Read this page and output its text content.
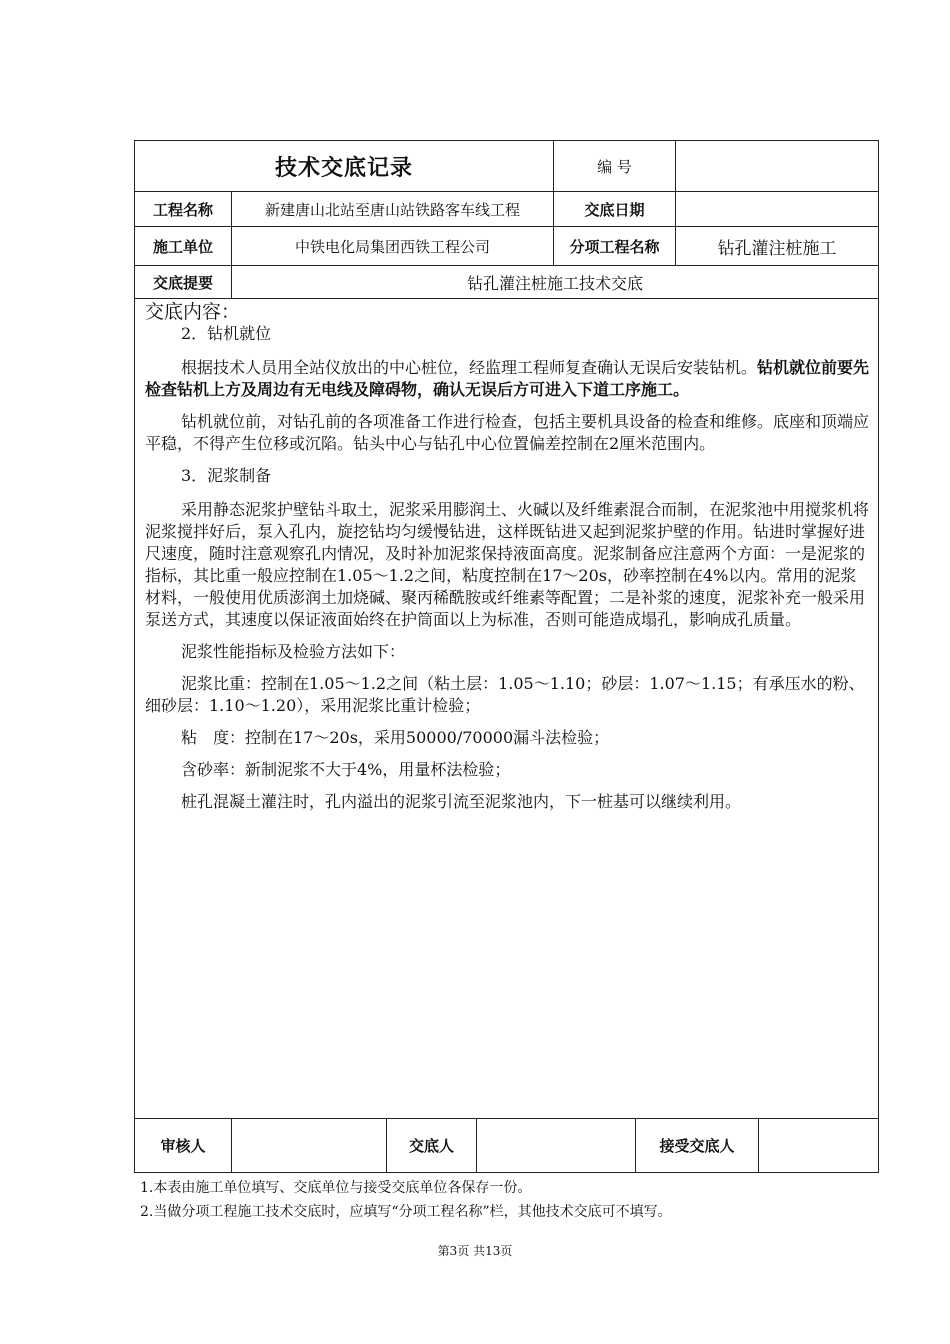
技术交底记录	编 号
工程名称	新建唐山北站至唐山站铁路客车线工程	交底日期
施工单位	中铁电化局集团西铁工程公司	分项工程名称	钻孔灌注桩施工
交底提要	钻孔灌注桩施工技术交底
交底内容：

2．钻机就位

根据技术人员用全站仪放出的中心桩位，经监理工程师复查确认无误后安装钻机。钻机就位前要先检查钻机上方及周边有无电线及障碍物，确认无误后方可进入下道工序施工。

钻机就位前，对钻孔前的各项准备工作进行检查，包括主要机具设备的检查和维修。底座和顶端应平稳，不得产生位移或沉陷。钻头中心与钻孔中心位置偏差控制在2厘米范围内。

3．泥浆制备

采用静态泥浆护壁钻斗取土，泥浆采用膨润土、火碱以及纤维素混合而制，在泥浆池中用搅浆机将泥浆搅拌好后，泵入孔内，旋挖钻均匀缓慢钻进，这样既钻进又起到泥浆护壁的作用。钻进时掌握好进尺速度，随时注意观察孔内情况，及时补加泥浆保持液面高度。泥浆制备应注意两个方面：一是泥浆的指标，其比重一般应控制在1.05～1.2之间，粘度控制在17～20s，砂率控制在4%以内。常用的泥浆材料，一般使用优质澎润土加烧碱、聚丙稀酰胺或纤维素等配置；二是补浆的速度，泥浆补充一般采用泵送方式，其速度以保证液面始终在护筒面以上为标准，否则可能造成塌孔，影响成孔质量。

泥浆性能指标及检验方法如下：

泥浆比重：控制在1.05～1.2之间（粘土层：1.05～1.10；砂层：1.07～1.15；有承压水的粉、细砂层：1.10～1.20），采用泥浆比重计检验；

粘　度：控制在17～20s，采用50000/70000漏斗法检验；

含砂率：新制泥浆不大于4%，用量杯法检验；

桩孔混凝土灌注时，孔内溢出的泥浆引流至泥浆池内，下一桩基可以继续利用。

审核人	交底人	接受交底人
1.本表由施工单位填写、交底单位与接受交底单位各保存一份。
2.当做分项工程施工技术交底时，应填写“分项工程名称”栏，其他技术交底可不填写。
第3页 共13页
